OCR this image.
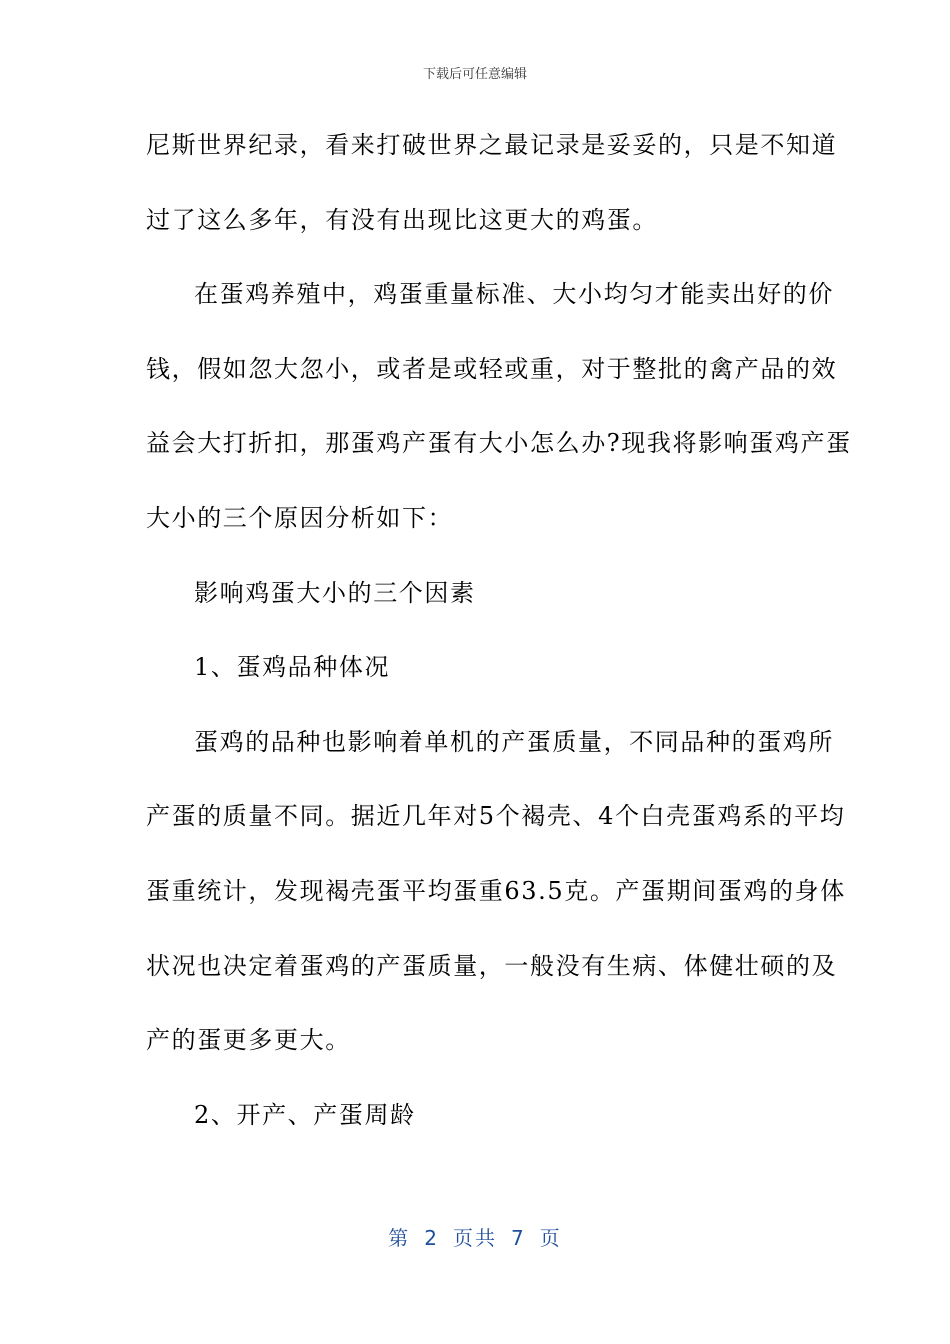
下载后可任意编辑
尼斯世界纪录，看来打破世界之最记录是妥妥的，只是不知道
过了这么多年，有没有出现比这更大的鸡蛋。
在蛋鸡养殖中，鸡蛋重量标准、大小均匀才能卖出好的价
钱，假如忽大忽小，或者是或轻或重，对于整批的禽产品的效
益会大打折扣，那蛋鸡产蛋有大小怎么办?现我将影响蛋鸡产蛋
大小的三个原因分析如下：
影响鸡蛋大小的三个因素
1、蛋鸡品种体况
蛋鸡的品种也影响着单机的产蛋质量，不同品种的蛋鸡所
产蛋的质量不同。据近几年对5个褐壳、4个白壳蛋鸡系的平均
蛋重统计，发现褐壳蛋平均蛋重63.5克。产蛋期间蛋鸡的身体
状况也决定着蛋鸡的产蛋质量，一般没有生病、体健壮硕的及
产的蛋更多更大。
2、开产、产蛋周龄
第 2 页共 7 页
